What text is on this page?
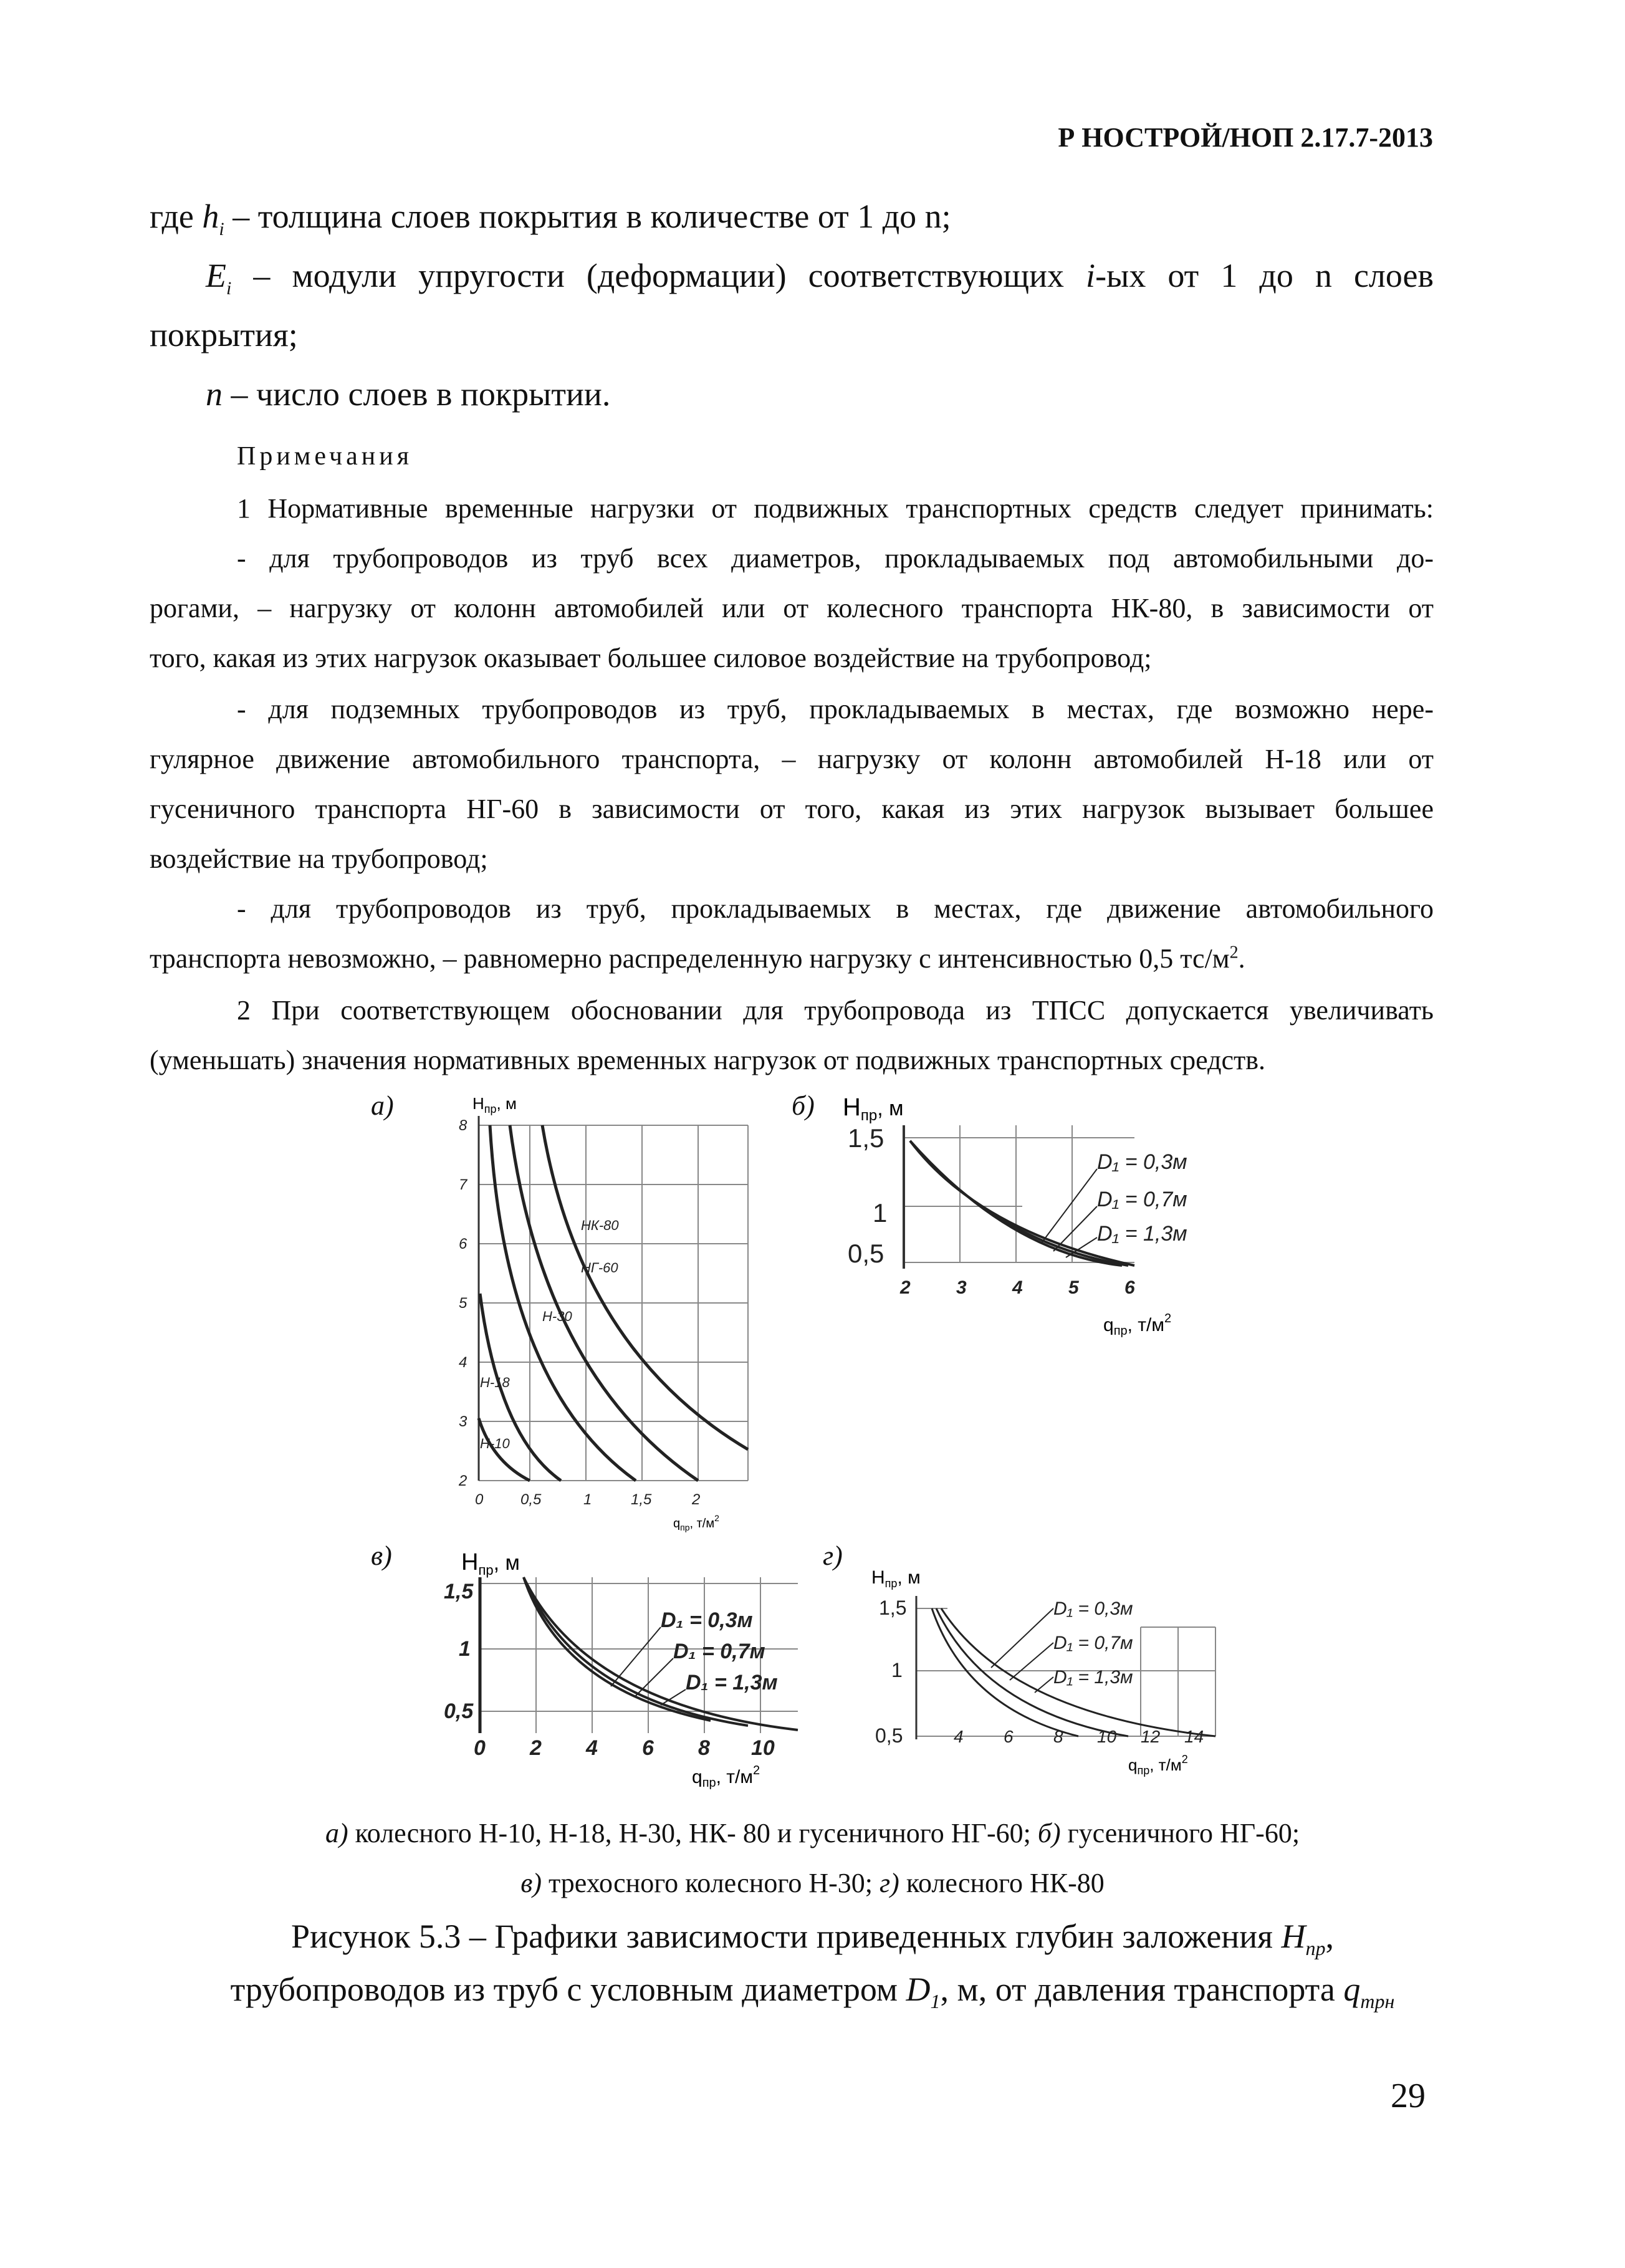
Р НОСТРОЙ/НОП 2.17.7-2013
где $h_i$ – толщина слоев покрытия в количестве от 1 до n;
$E_i$ – модули упругости (деформации) соответствующих i-ых от 1 до n слоев
покрытия;
n – число слоев в покрытии.
Примечания
1 Нормативные временные нагрузки от подвижных транспортных средств следует принимать:
- для трубопроводов из труб всех диаметров, прокладываемых под автомобильными до-
рогами, – нагрузку от колонн автомобилей или от колесного транспорта НК-80, в зависимости от
того, какая из этих нагрузок оказывает большее силовое воздействие на трубопровод;
- для подземных трубопроводов из труб, прокладываемых в местах, где возможно нере-
гулярное движение автомобильного транспорта, – нагрузку от колонн автомобилей Н-18 или от
гусеничного транспорта НГ-60 в зависимости от того, какая из этих нагрузок вызывает большее
воздействие на трубопровод;
- для трубопроводов из труб, прокладываемых в местах, где движение автомобильного
транспорта невозможно, – равномерно распределенную нагрузку с интенсивностью 0,5 $тс/м^2$.
2 При соответствующем обосновании для трубопровода из ТПСС допускается увеличивать
(уменьшать) значения нормативных временных нагрузок от подвижных транспортных средств.
а)	$Н_{пр}$, м
8
7
6
5
4
3
2
0 0,5	1	1,5	2
$q_{пр}$, $т/м^2$
НК-80
НГ-60
Н-30
Н-18
Н-10
б) $Н_{пр}^{, м}$
1,5
1
0,5
2 3 4 5 6
$q_{пр}$, $т/м^2$
D₁ = 0,3м
D₁ = 0,7м
D₁ = 1,3м
в)	$Н_{пр}$, м
1,5
1
0,5
0 2 4 6 8 10
$q_{пр}$, $т/м^2$
D₁ = 0,3м
D₁ = 0,7м
D₁ = 1,3м
г)
$Н_{пр}$, м
1,5
1
0,5	4 6 8 10 12 14
$q_{пр}$, $т/м^2$
D₁ = 0,3м
D₁ = 0,7м
D₁ = 1,3м
а) колесного Н-10, Н-18, Н-30, НК- 80 и гусеничного НГ-60; б) гусеничного НГ-60;
в) трехосного колесного Н-30; г) колесного НК-80
Рисунок 5.3 – Графики зависимости приведенных глубин заложения $Н_{пр}$,
трубопроводов из труб с условным диаметром $D_1$, м, от давления транспорта $q_{трн}$
29
